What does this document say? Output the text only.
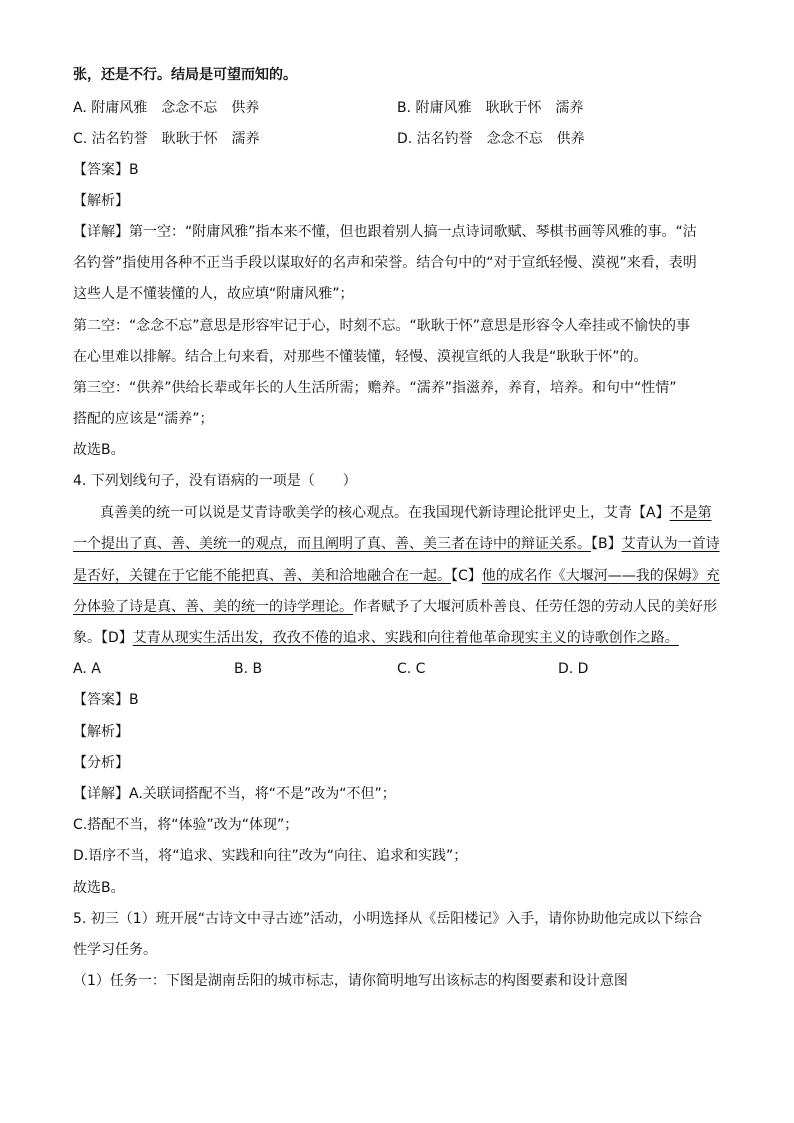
张，还是不行。结局是可望而知的。
A. 附庸风雅　念念不忘　供养	B. 附庸风雅　耿耿于怀　濡养
C. 沽名钓誉　耿耿于怀　濡养	D. 沽名钓誉　念念不忘　供养
【答案】B
【解析】
【详解】第一空：“附庸风雅”指本来不懂，但也跟着别人搞一点诗词歌赋、琴棋书画等风雅的事。“沽
名钓誉”指使用各种不正当手段以谋取好的名声和荣誉。结合句中的“对于宣纸轻慢、漠视”来看，表明
这些人是不懂装懂的人，故应填“附庸风雅”；
第二空：“念念不忘”意思是形容牢记于心，时刻不忘。“耿耿于怀”意思是形容令人牵挂或不愉快的事
在心里难以排解。结合上句来看，对那些不懂装懂，轻慢、漠视宣纸的人我是“耿耿于怀”的。
第三空：“供养”供给长辈或年长的人生活所需；赡养。“濡养”指滋养，养育，培养。和句中“性情”
搭配的应该是“濡养”；
故选B。
4. 下列划线句子，没有语病的一项是（　　）
真善美的统一可以说是艾青诗歌美学的核心观点。在我国现代新诗理论批评史上，艾青【A】不是第
一个提出了真、善、美统一的观点，而且阐明了真、善、美三者在诗中的辩证关系。【B】艾青认为一首诗
是否好，关键在于它能不能把真、善、美和洽地融合在一起。【C】他的成名作《大堰河——我的保姆》充
分体验了诗是真、善、美的统一的诗学理论。作者赋予了大堰河质朴善良、任劳任怨的劳动人民的美好形
象。【D】艾青从现实生活出发，孜孜不倦的追求、实践和向往着他革命现实主义的诗歌创作之路。
A. A	B. B	C. C	D. D
【答案】B
【解析】
【分析】
【详解】A.关联词搭配不当，将“不是”改为“不但”；
C.搭配不当，将“体验”改为“体现”；
D.语序不当，将“追求、实践和向往”改为“向往、追求和实践”；
故选B。
5. 初三（1）班开展“古诗文中寻古迹”活动，小明选择从《岳阳楼记》入手，请你协助他完成以下综合
性学习任务。
（1）任务一：下图是湖南岳阳的城市标志，请你简明地写出该标志的构图要素和设计意图
